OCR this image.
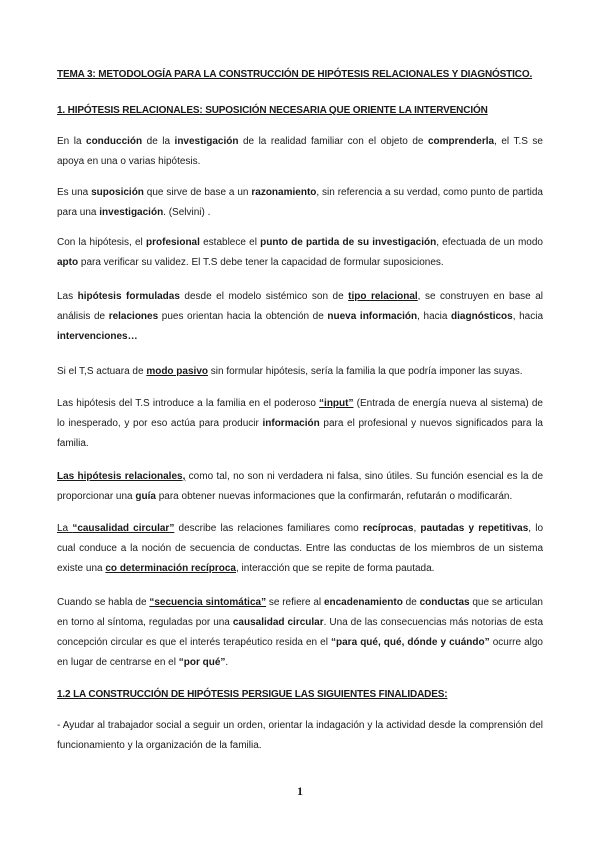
TEMA 3: METODOLOGÍA PARA LA CONSTRUCCIÓN DE HIPÓTESIS RELACIONALES Y DIAGNÓSTICO.
1. HIPÓTESIS RELACIONALES: SUPOSICIÓN NECESARIA QUE ORIENTE LA INTERVENCIÓN
En la conducción de la investigación de la realidad familiar con el objeto de comprenderla, el T.S se apoya en una o varias hipótesis.
Es una suposición que sirve de base a un razonamiento, sin referencia a su verdad, como punto de partida para una investigación. (Selvini) .
Con la hipótesis, el profesional establece el punto de partida de su investigación, efectuada de un modo apto para verificar su validez. El T.S debe tener la capacidad de formular suposiciones.
Las hipótesis formuladas desde el modelo sistémico son de tipo relacional, se construyen en base al análisis de relaciones pues orientan hacia la obtención de nueva información, hacia diagnósticos, hacia intervenciones…
Si el T,S actuara de modo pasivo sin formular hipótesis, sería la familia la que podría imponer las suyas.
Las hipótesis del T.S introduce a la familia en el poderoso “input” (Entrada de energía nueva al sistema) de lo inesperado, y por eso actúa para producir información para el profesional y nuevos significados para la familia.
Las hipótesis relacionales, como tal, no son ni verdadera ni falsa, sino útiles. Su función esencial es la de proporcionar una guía para obtener nuevas informaciones que la confirmarán, refutarán o modificarán.
La “causalidad circular” describe las relaciones familiares como recíprocas, pautadas y repetitivas, lo cual conduce a la noción de secuencia de conductas. Entre las conductas de los miembros de un sistema existe una co determinación recíproca, interacción que se repite de forma pautada.
Cuando se habla de “secuencia sintomática” se refiere al encadenamiento de conductas que se articulan en torno al síntoma, reguladas por una causalidad circular. Una de las consecuencias más notorias de esta concepción circular es que el interés terapéutico resida en el “para qué, qué, dónde y cuándo” ocurre algo en lugar de centrarse en el “por qué”.
1.2 LA CONSTRUCCIÓN DE HIPÓTESIS PERSIGUE LAS SIGUIENTES FINALIDADES:
- Ayudar al trabajador social a seguir un orden, orientar la indagación y la actividad desde la comprensión del funcionamiento y la organización de la familia.
1
